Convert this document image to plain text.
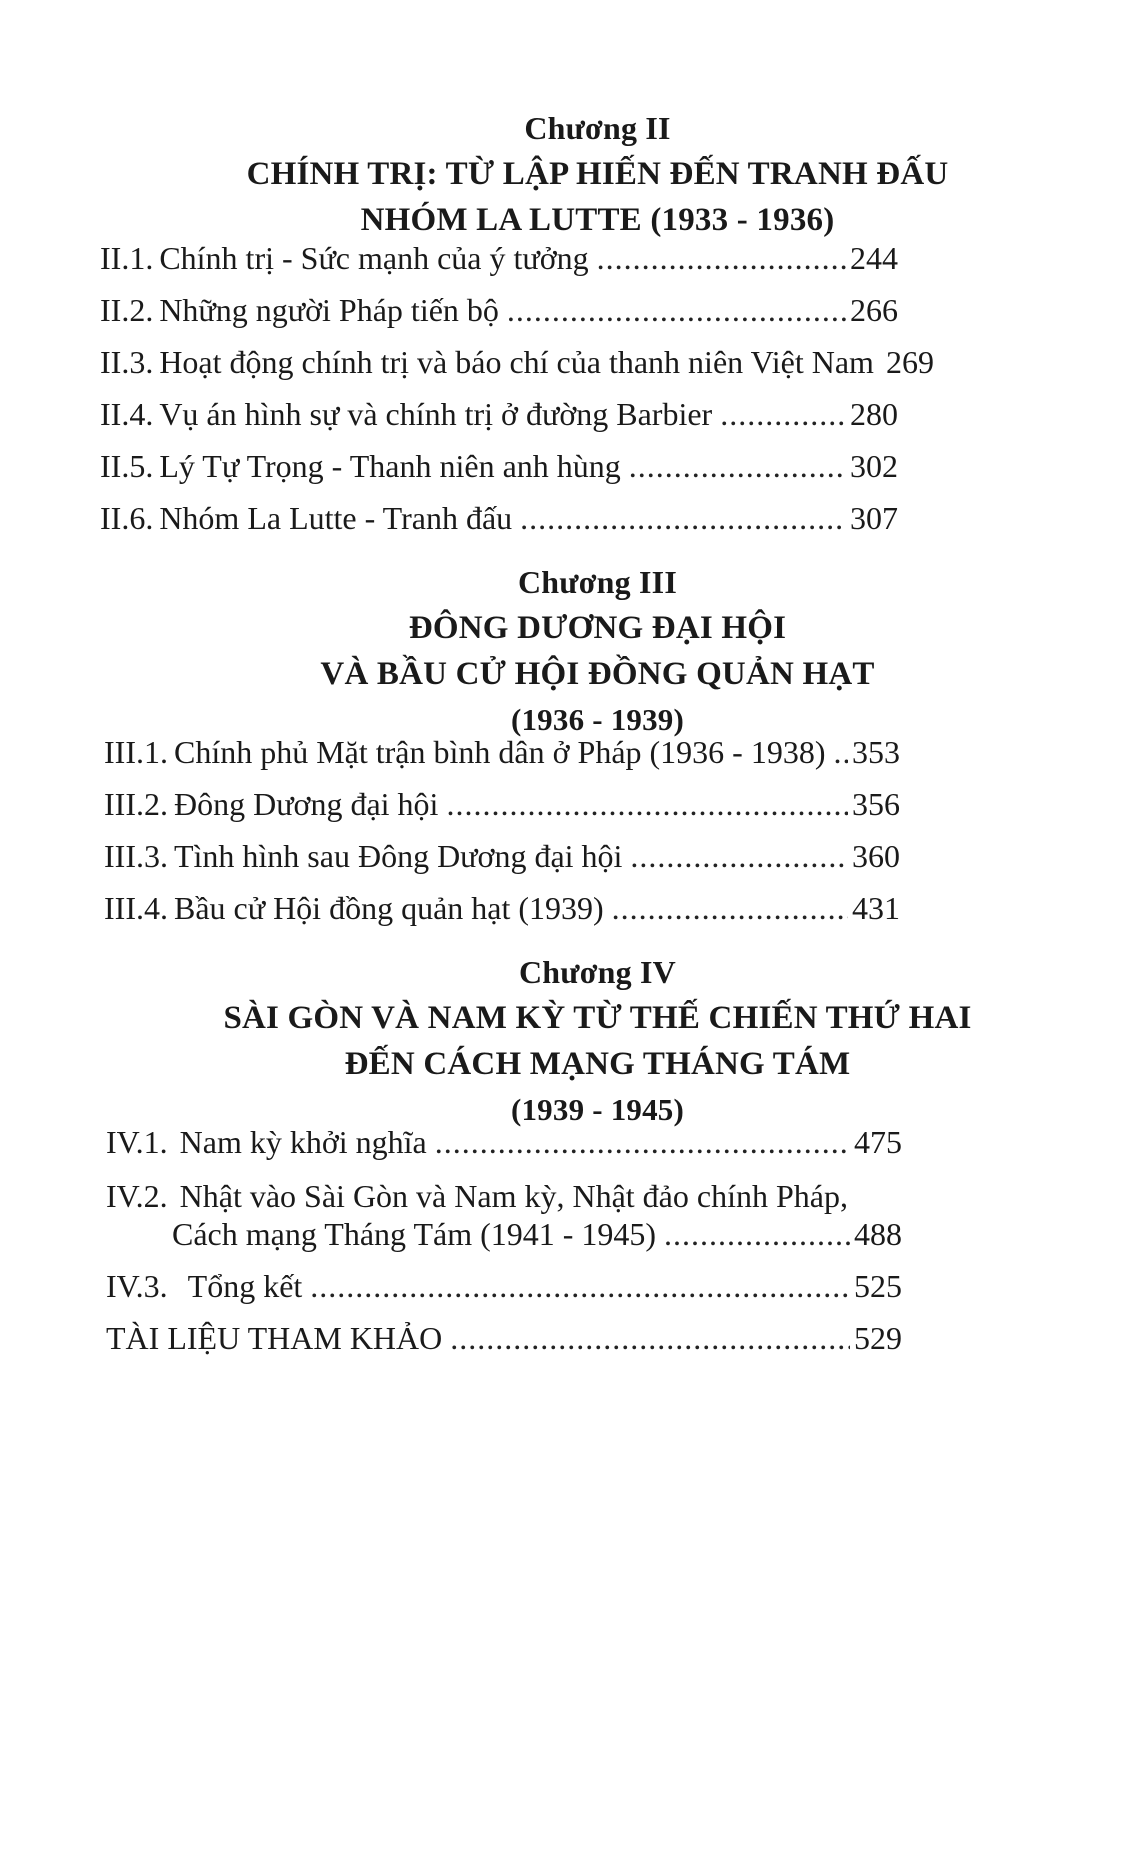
Chương II
CHÍNH TRỊ: TỪ LẬP HIẾN ĐẾN TRANH ĐẤU
NHÓM LA LUTTE (1933 - 1936)
II.1. Chính trị - Sức mạnh của ý tưởng .....	244
II.2. Những người Pháp tiến bộ .....	266
II.3. Hoạt động chính trị và báo chí của thanh niên Việt Nam 269
II.4. Vụ án hình sự và chính trị ở đường Barbier .....	280
II.5. Lý Tự Trọng - Thanh niên anh hùng .....	302
II.6. Nhóm La Lutte - Tranh đấu .....	307
Chương III
ĐÔNG DƯƠNG ĐẠI HỘI
VÀ BẦU CỬ HỘI ĐỒNG QUẢN HẠT
(1936 - 1939)
III.1. Chính phủ Mặt trận bình dân ở Pháp (1936 - 1938) ..... 353
III.2. Đông Dương đại hội .....	356
III.3. Tình hình sau Đông Dương đại hội .....	360
III.4. Bầu cử Hội đồng quản hạt (1939) .....	431
Chương IV
SÀI GÒN VÀ NAM KỲ TỪ THẾ CHIẾN THỨ HAI
ĐẾN CÁCH MẠNG THÁNG TÁM
(1939 - 1945)
IV.1. Nam kỳ khởi nghĩa .....	475
IV.2. Nhật vào Sài Gòn và Nam kỳ, Nhật đảo chính Pháp,
Cách mạng Tháng Tám (1941 - 1945) .....	488
IV.3. Tổng kết .....	525
TÀI LIỆU THAM KHẢO .....	529
